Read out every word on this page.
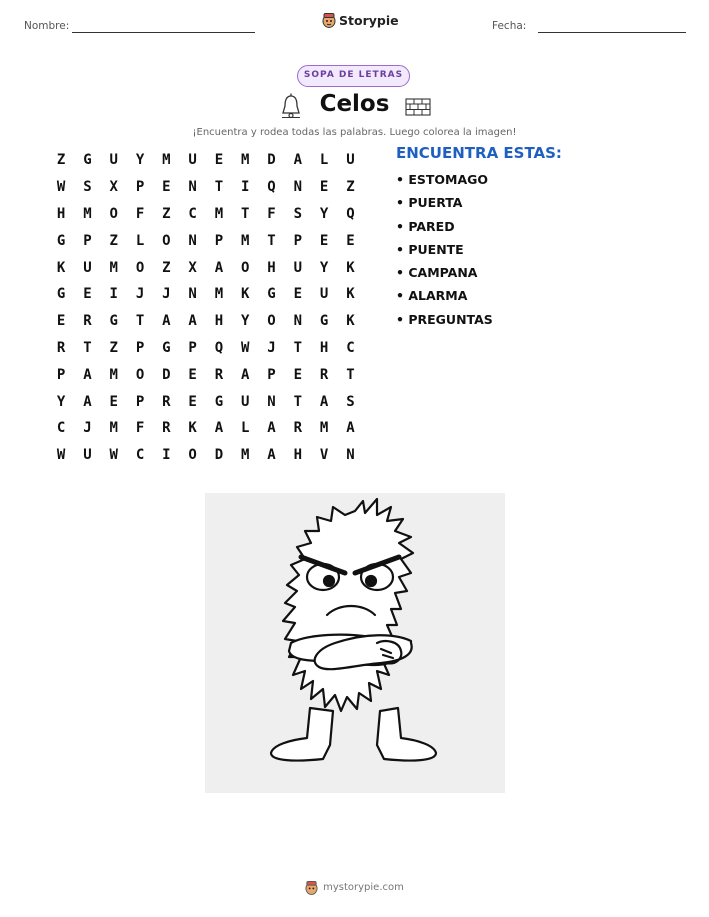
Nombre:	Storypie	Fecha:
SOPA DE LETRAS
Celos
¡Encuentra y rodea todas las palabras. Luego colorea la imagen!
Z	G	U	Y	M	U	E	M	D	A	L	U
W	S	X	P	E	N	T	I	Q	N	E	Z
H	M	O	F	Z	C	M	T	F	S	Y	Q
G	P	Z	L	O	N	P	M	T	P	E	E
K	U	M	O	Z	X	A	O	H	U	Y	K
G	E	I	J	J	N	M	K	G	E	U	K
E	R	G	T	A	A	H	Y	O	N	G	K
R	T	Z	P	G	P	Q	W	J	T	H	C
P	A	M	O	D	E	R	A	P	E	R	T
Y	A	E	P	R	E	G	U	N	T	A	S
C	J	M	F	R	K	A	L	A	R	M	A
W	U	W	C	I	O	D	M	A	H	V	N
ENCUENTRA ESTAS:
• ESTOMAGO
• PUERTA
• PARED
• PUENTE
• CAMPANA
• ALARMA
• PREGUNTAS
mystorypie.com
